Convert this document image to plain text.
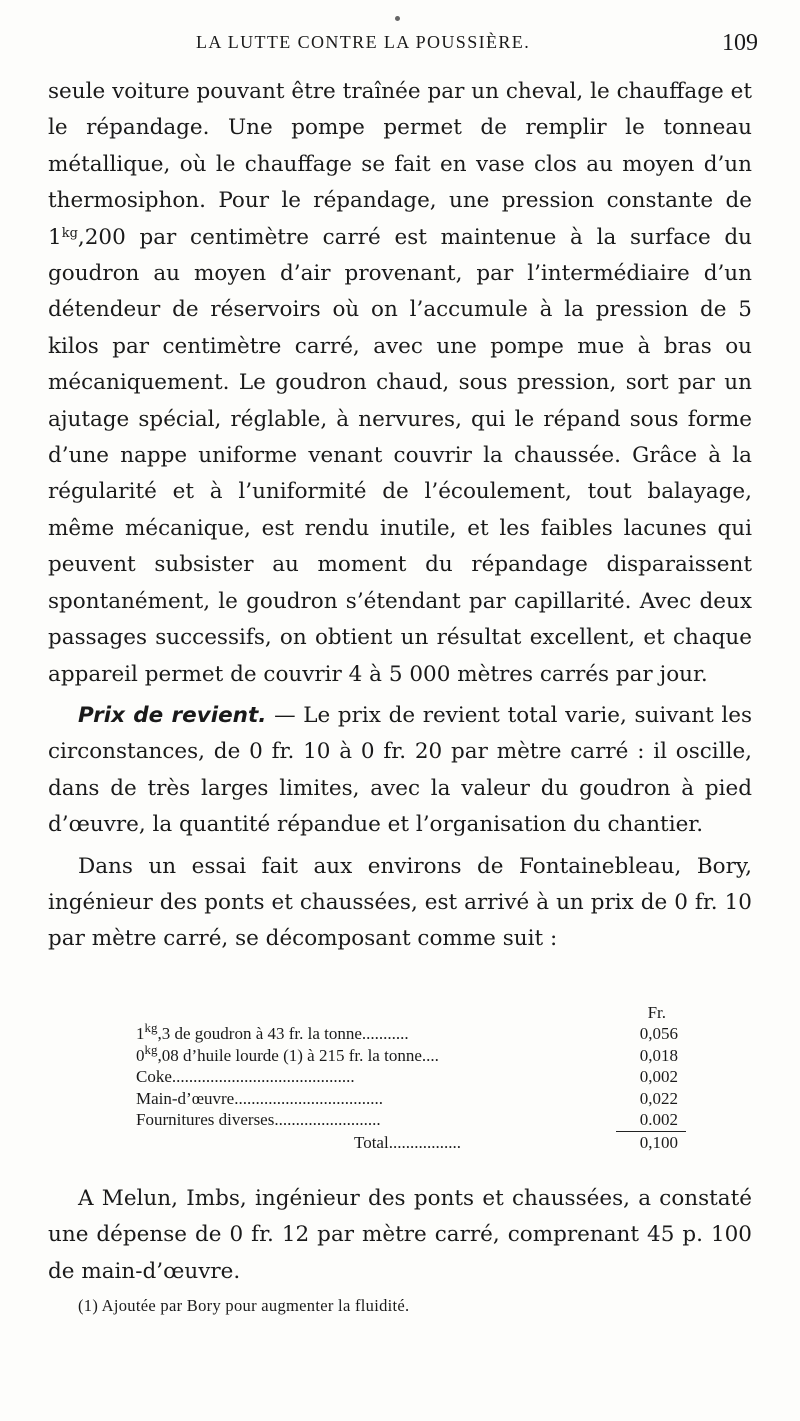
LA LUTTE CONTRE LA POUSSIÈRE.	109

seule voiture pouvant être traînée par un cheval, le chauffage et le répandage. Une pompe permet de remplir le tonneau métallique, où le chauffage se fait en vase clos au moyen d’un thermosiphon. Pour le répandage, une pression constante de $1^{kg},200$ par centimètre carré est maintenue à la surface du goudron au moyen d’air provenant, par l’intermédiaire d’un détendeur de réservoirs où on l’accumule à la pression de 5 kilos par centimètre carré, avec une pompe mue à bras ou mécaniquement. Le goudron chaud, sous pression, sort par un ajutage spécial, réglable, à nervures, qui le répand sous forme d’une nappe uniforme venant couvrir la chaussée. Grâce à la régularité et à l’uniformité de l’écoulement, tout balayage, même mécanique, est rendu inutile, et les faibles lacunes qui peuvent subsister au moment du répandage disparaissent spontanément, le goudron s’étendant par capillarité. Avec deux passages successifs, on obtient un résultat excellent, et chaque appareil permet de couvrir 4 à 5 000 mètres carrés par jour.

Prix de revient. — Le prix de revient total varie, suivant les circonstances, de 0 fr. 10 à 0 fr. 20 par mètre carré : il oscille, dans de très larges limites, avec la valeur du goudron à pied d’œuvre, la quantité répandue et l’organisation du chantier.

Dans un essai fait aux environs de Fontainebleau, Bory, ingénieur des ponts et chaussées, est arrivé à un prix de 0 fr. 10 par mètre carré, se décomposant comme suit :

Fr.
$1^{kg},3$ de goudron à 43 fr. la tonne...........	0,056
$0^{kg},08$ d’huile lourde (1) à 215 fr. la tonne....	0,018
Coke...........................................	0,002
Main-d’œuvre...................................	0,022
Fournitures diverses.........................	0.002
Total.................	0,100

A Melun, Imbs, ingénieur des ponts et chaussées, a constaté une dépense de 0 fr. 12 par mètre carré, comprenant 45 p. 100 de main-d’œuvre.

(1) Ajoutée par Bory pour augmenter la fluidité.
